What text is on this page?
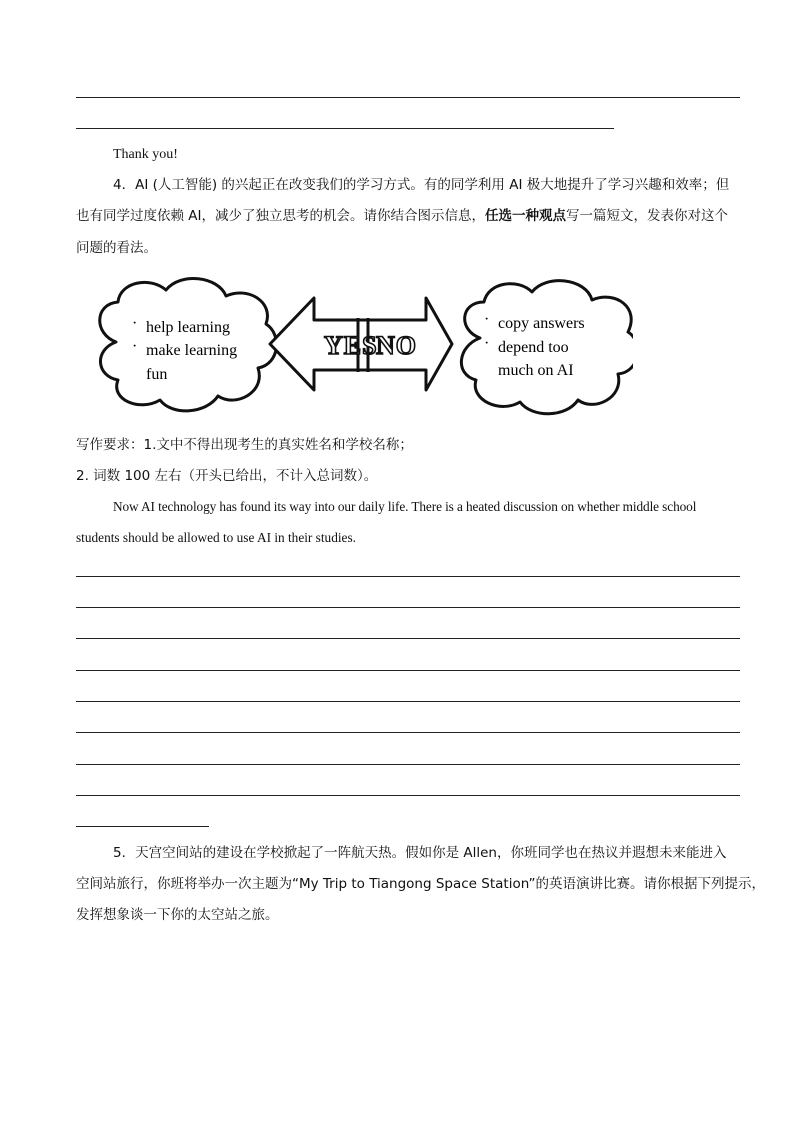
Thank you!
4．AI (人工智能) 的兴起正在改变我们的学习方式。有的同学利用 AI 极大地提升了学习兴趣和效率；但
也有同学过度依赖 AI，减少了独立思考的机会。请你结合图示信息，任选一种观点写一篇短文，发表你对这个
问题的看法。
YES
NO
· help learning
· make learning
fun
· copy answers
· depend too
much on AI
写作要求：1.文中不得出现考生的真实姓名和学校名称；
2. 词数 100 左右（开头已给出，不计入总词数）。
Now AI technology has found its way into our daily life. There is a heated discussion on whether middle school
students should be allowed to use AI in their studies.
5．天宫空间站的建设在学校掀起了一阵航天热。假如你是 Allen，你班同学也在热议并遐想未来能进入
空间站旅行，你班将举办一次主题为“My Trip to Tiangong Space Station”的英语演讲比赛。请你根据下列提示，
发挥想象谈一下你的太空站之旅。
